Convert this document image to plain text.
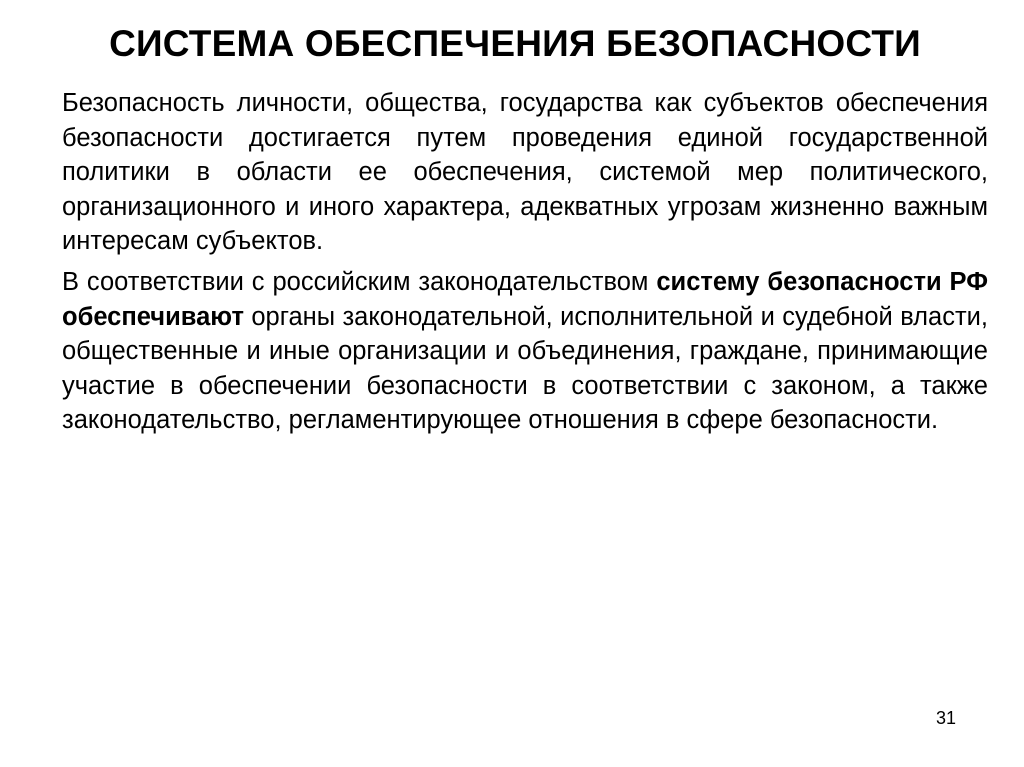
СИСТЕМА ОБЕСПЕЧЕНИЯ БЕЗОПАСНОСТИ

Безопасность личности, общества, государства как субъектов обеспечения безопасности достигается путем проведения единой государственной политики в области ее обеспечения, системой мер политического, организационного и иного характера, адекватных угрозам жизненно важным интересам субъектов.

В соответствии с российским законодательством систему безопасности РФ обеспечивают органы законодательной, исполнительной и судебной власти, общественные и иные организации и объединения, граждане, принимающие участие в обеспечении безопасности в соответствии с законом, а также законодательство, регламентирующее отношения в сфере безопасности.

31
